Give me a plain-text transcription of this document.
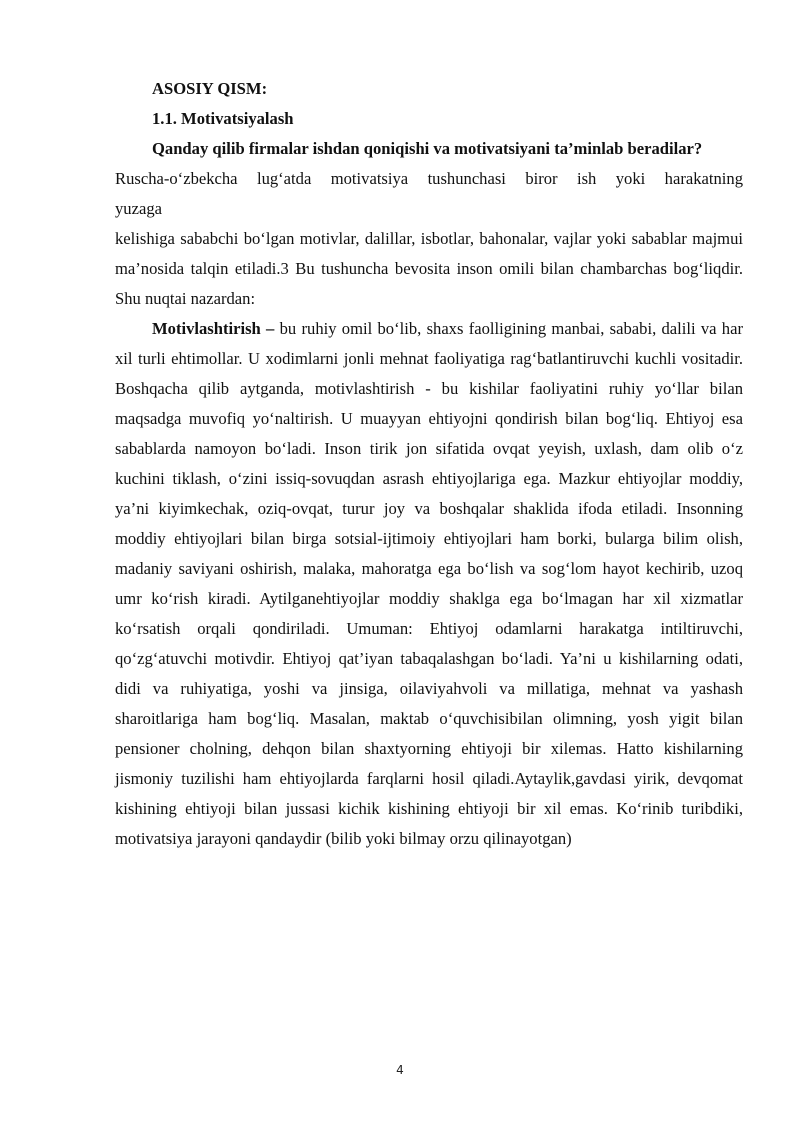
ASOSIY QISM:

1.1. Motivatsiyalash

Qanday qilib firmalar ishdan qoniqishi va motivatsiyani ta’minlab beradilar?

Ruscha-o‘zbekcha lug‘atda motivatsiya tushunchasi biror ish yoki harakatning
yuzaga
kelishiga sababchi bo‘lgan motivlar, dalillar, isbotlar, bahonalar, vajlar yoki sabablar majmui ma’nosida talqin etiladi.3 Bu tushuncha bevosita inson omili bilan chambarchas bog‘liqdir. Shu nuqtai nazardan:

Motivlashtirish – bu ruhiy omil bo‘lib, shaxs faolligining manbai, sababi, dalili va har xil turli ehtimollar. U xodimlarni jonli mehnat faoliyatiga rag‘batlantiruvchi kuchli vositadir. Boshqacha qilib aytganda, motivlashtirish - bu kishilar faoliyatini ruhiy yo‘llar bilan maqsadga muvofiq yo‘naltirish. U muayyan ehtiyojni qondirish bilan bog‘liq. Ehtiyoj esa sabablarda namoyon bo‘ladi. Inson tirik jon sifatida ovqat yeyish, uxlash, dam olib o‘z kuchini tiklash, o‘zini issiq-sovuqdan asrash ehtiyojlariga ega. Mazkur ehtiyojlar moddiy, ya’ni kiyimkechak, oziq-ovqat, turur joy va boshqalar shaklida ifoda etiladi. Insonning moddiy ehtiyojlari bilan birga sotsial-ijtimoiy ehtiyojlari ham borki, bularga bilim olish, madaniy saviyani oshirish, malaka, mahoratga ega bo‘lish va sog‘lom hayot kechirib, uzoq umr ko‘rish kiradi. Aytilganehtiyojlar moddiy shaklga ega bo‘lmagan har xil xizmatlar ko‘rsatish orqali qondiriladi. Umuman: Ehtiyoj odamlarni harakatga intiltiruvchi, qo‘zg‘atuvchi motivdir. Ehtiyoj qat’iyan tabaqalashgan bo‘ladi. Ya’ni u kishilarning odati, didi va ruhiyatiga, yoshi va jinsiga, oilaviyahvoli va millatiga, mehnat va yashash sharoitlariga ham bog‘liq. Masalan, maktab o‘quvchisibilan olimning, yosh yigit bilan pensioner cholning, dehqon bilan shaxtyorning ehtiyoji bir xilemas. Hatto kishilarning jismoniy tuzilishi ham ehtiyojlarda farqlarni hosil qiladi.Aytaylik,gavdasi yirik, devqomat kishining ehtiyoji bilan jussasi kichik kishining ehtiyoji bir xil emas. Ko‘rinib turibdiki, motivatsiya jarayoni qandaydir (bilib yoki bilmay orzu qilinayotgan)

4
